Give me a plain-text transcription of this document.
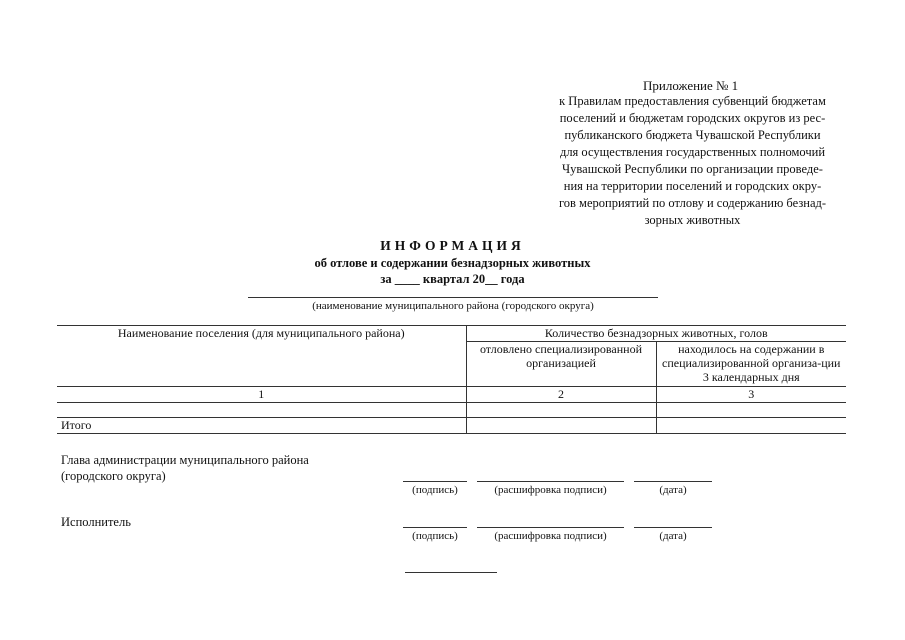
Приложение № 1
к Правилам предоставления субвенций бюджетам
поселений и бюджетам городских округов из рес-
публиканского бюджета Чувашской Республики
для осуществления государственных полномочий
Чувашской Республики по организации проведе-
ния на территории поселений и городских окру-
гов мероприятий по отлову и содержанию безнад-
зорных животных
ИНФОРМАЦИЯ
об отлове и содержании безнадзорных животных
за ____ квартал 20__ года
(наименование муниципального района (городского округа)
Наименование поселения (для муниципального района)	Количество безнадзорных животных, голов	
	отловлено специализированной организацией	находилось на содержании в специализированной организа-ции 3 календарных дня
1	2	3

Итого		
Глава администрации муниципального района
(городского округа)
(подпись)	(расшифровка подписи)	(дата)
Исполнитель
(подпись)	(расшифровка подписи)	(дата)
